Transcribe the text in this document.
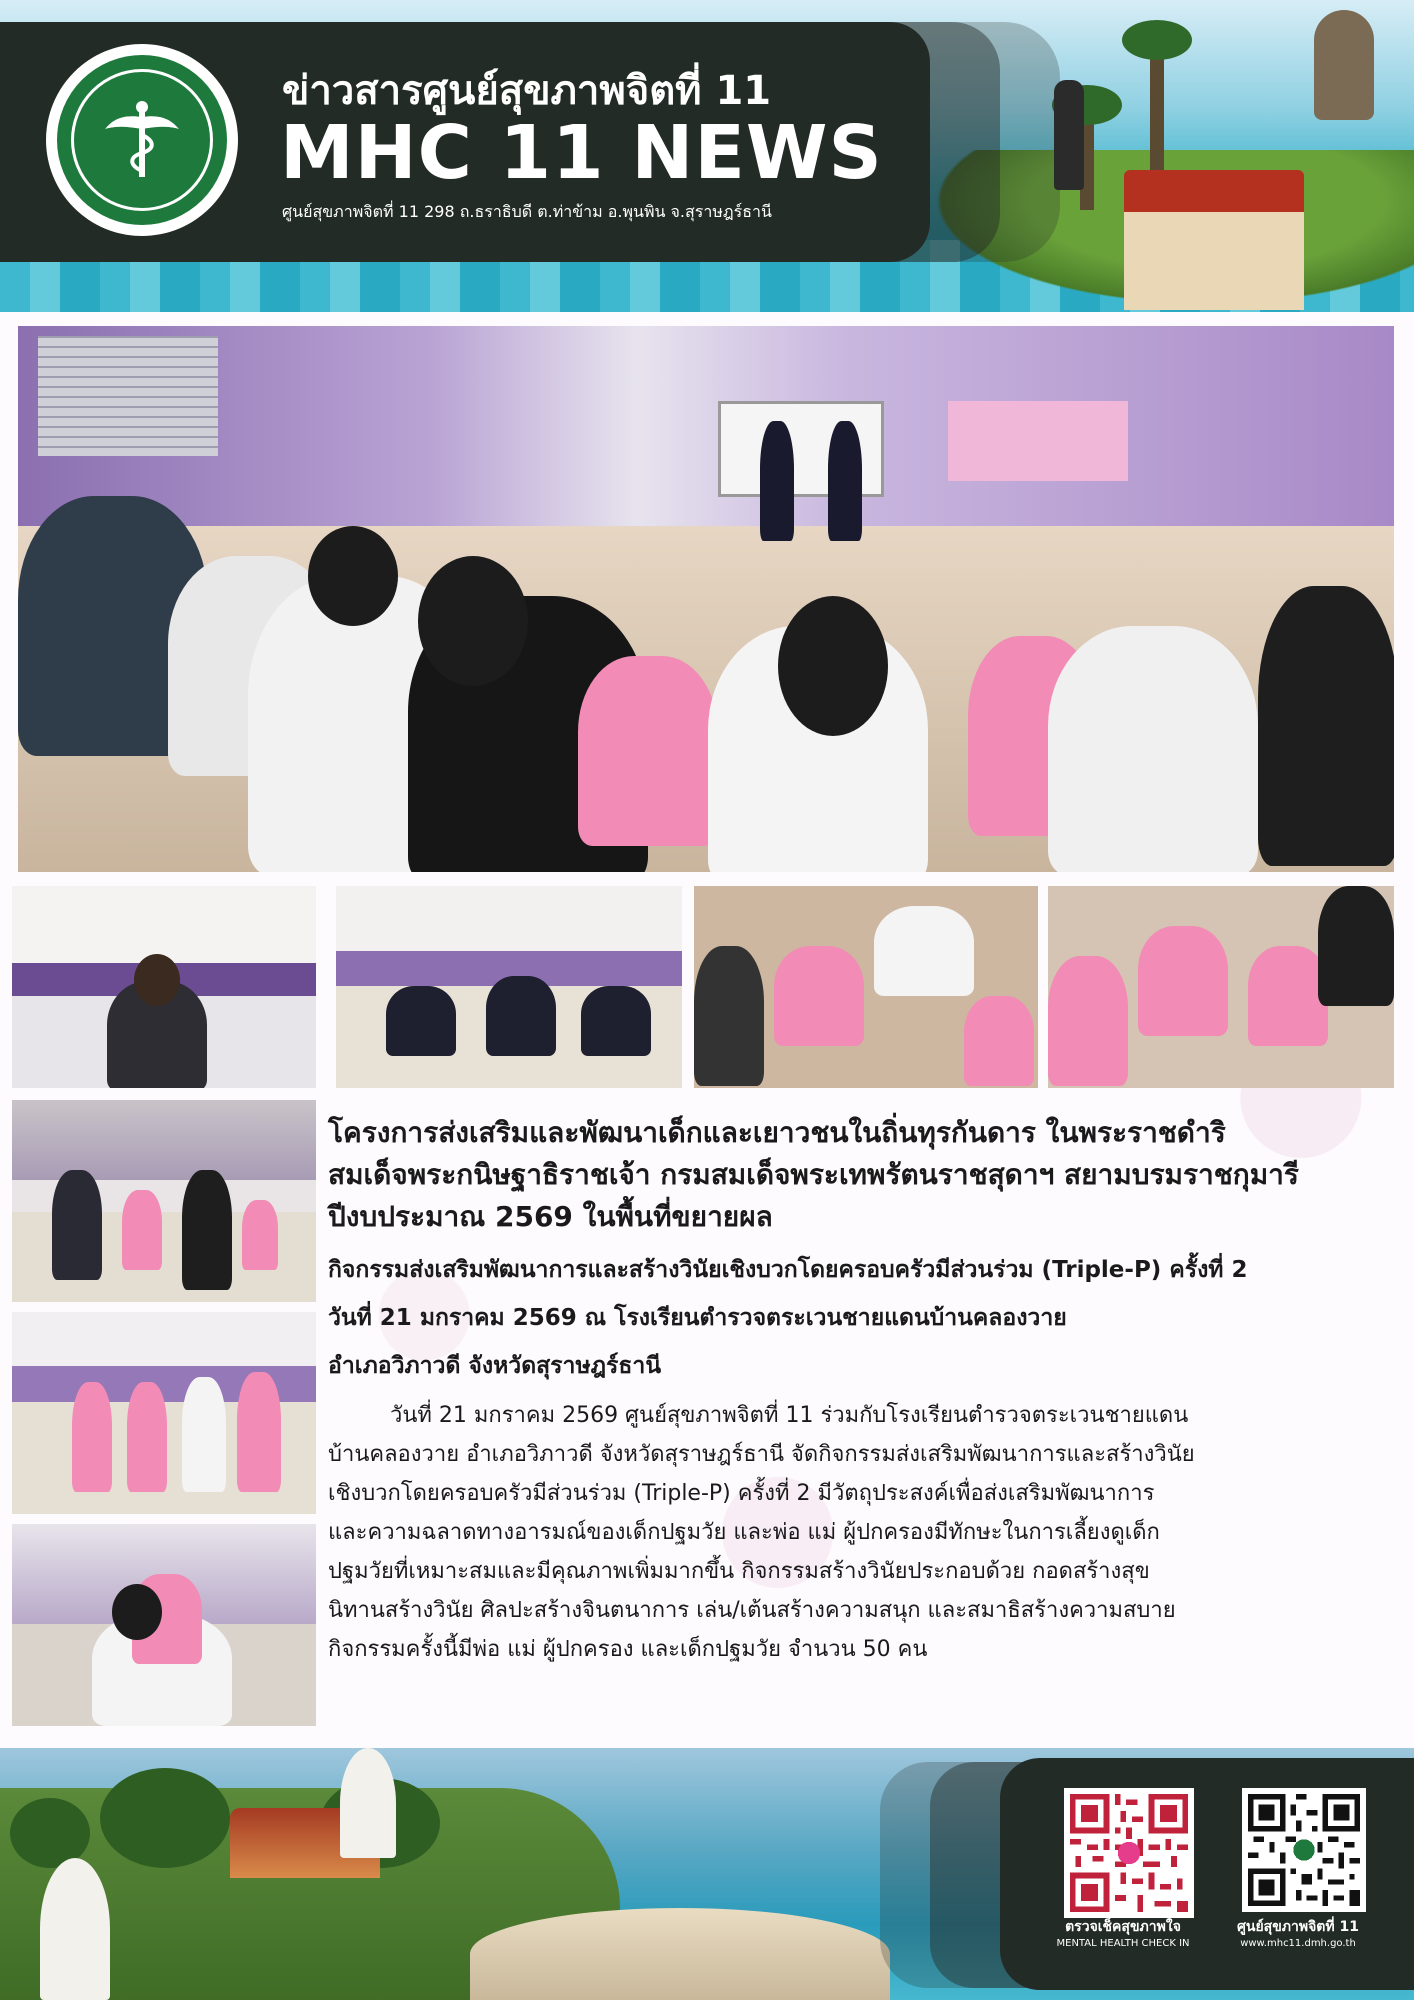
ข่าวสารศูนย์สุขภาพจิตที่ 11
MHC 11 NEWS
ศูนย์สุขภาพจิตที่ 11 298 ถ.ธราธิบดี ต.ท่าข้าม อ.พุนพิน จ.สุราษฎร์ธานี
โครงการส่งเสริมและพัฒนาเด็กและเยาวชนในถิ่นทุรกันดาร ในพระราชดำริ
สมเด็จพระกนิษฐาธิราชเจ้า กรมสมเด็จพระเทพรัตนราชสุดาฯ สยามบรมราชกุมารี
ปีงบประมาณ 2569 ในพื้นที่ขยายผล
กิจกรรมส่งเสริมพัฒนาการและสร้างวินัยเชิงบวกโดยครอบครัวมีส่วนร่วม (Triple-P) ครั้งที่ 2
วันที่ 21 มกราคม 2569 ณ โรงเรียนตำรวจตระเวนชายแดนบ้านคลองวาย
อำเภอวิภาวดี จังหวัดสุราษฎร์ธานี

วันที่ 21 มกราคม 2569 ศูนย์สุขภาพจิตที่ 11 ร่วมกับโรงเรียนตำรวจตระเวนชายแดน
บ้านคลองวาย อำเภอวิภาวดี จังหวัดสุราษฎร์ธานี จัดกิจกรรมส่งเสริมพัฒนาการและสร้างวินัย
เชิงบวกโดยครอบครัวมีส่วนร่วม (Triple-P) ครั้งที่ 2 มีวัตถุประสงค์เพื่อส่งเสริมพัฒนาการ
และความฉลาดทางอารมณ์ของเด็กปฐมวัย และพ่อ แม่ ผู้ปกครองมีทักษะในการเลี้ยงดูเด็ก
ปฐมวัยที่เหมาะสมและมีคุณภาพเพิ่มมากขึ้น กิจกรรมสร้างวินัยประกอบด้วย กอดสร้างสุข
นิทานสร้างวินัย ศิลปะสร้างจินตนาการ เล่น/เต้นสร้างความสนุก และสมาธิสร้างความสบาย
กิจกรรมครั้งนี้มีพ่อ แม่ ผู้ปกครอง และเด็กปฐมวัย จำนวน 50 คน

ตรวจเช็คสุขภาพใจ
MENTAL HEALTH CHECK IN
ศูนย์สุขภาพจิตที่ 11
www.mhc11.dmh.go.th
